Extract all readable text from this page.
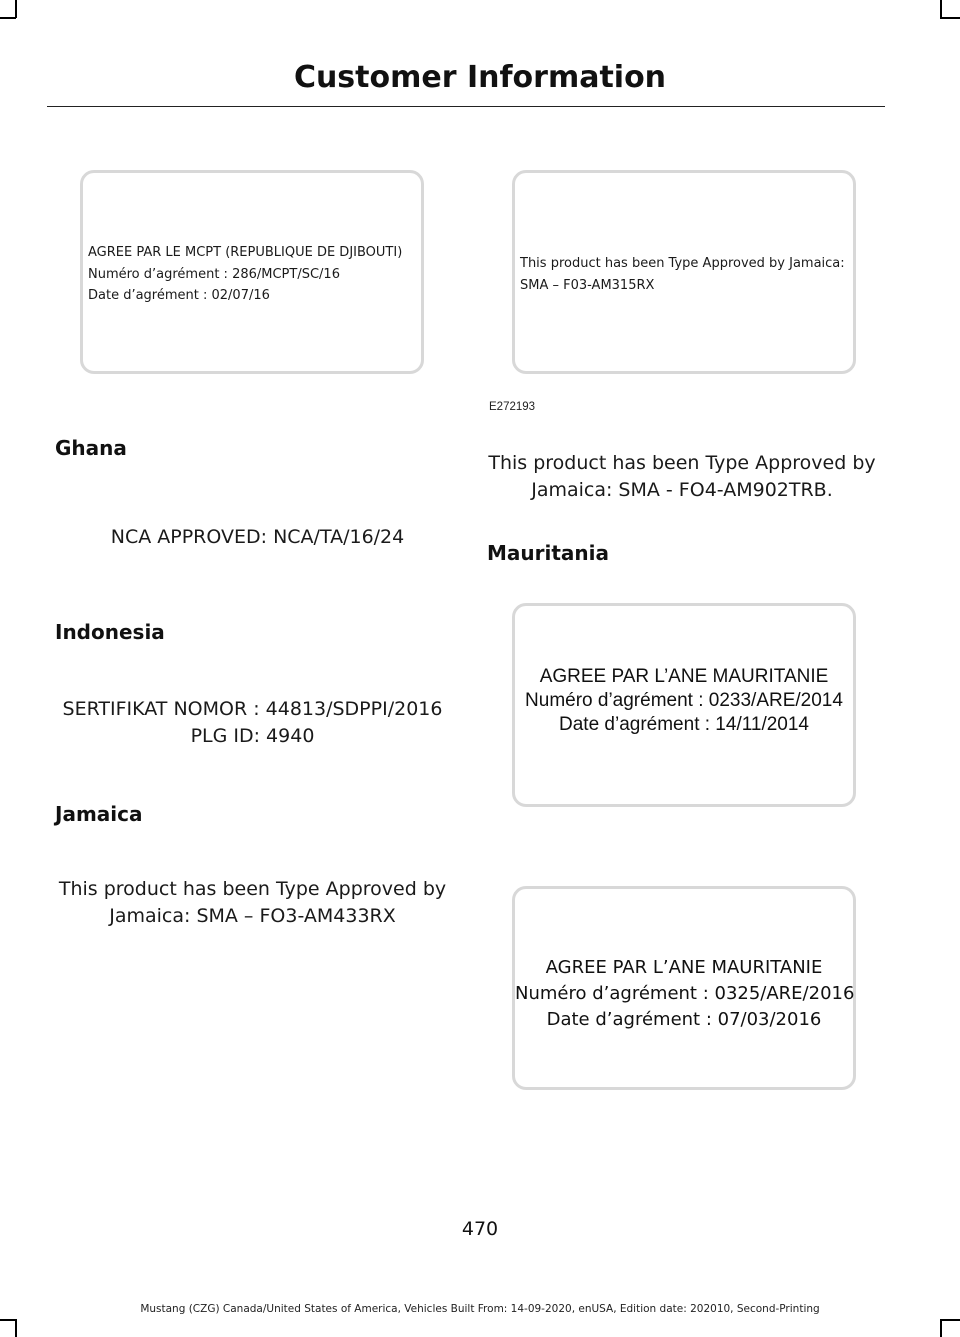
Customer Information
AGREE PAR LE MCPT (REPUBLIQUE DE DJIBOUTI)
Numéro d’agrément : 286/MCPT/SC/16
Date d’agrément : 02/07/16
Ghana
NCA APPROVED: NCA/TA/16/24
Indonesia
SERTIFIKAT NOMOR : 44813/SDPPI/2016
PLG ID: 4940
Jamaica
This product has been Type Approved by
Jamaica: SMA – FO3-AM433RX
This product has been Type Approved by Jamaica:
SMA – F03-AM315RX
E272193
This product has been Type Approved by
Jamaica: SMA - FO4-AM902TRB.
Mauritania
AGREE PAR L’ANE MAURITANIE
Numéro d’agrément : 0233/ARE/2014
Date d’agrément : 14/11/2014
AGREE PAR L’ANE MAURITANIE
Numéro d’agrément : 0325/ARE/2016
Date d’agrément : 07/03/2016
470
Mustang (CZG) Canada/United States of America, Vehicles Built From: 14-09-2020, enUSA, Edition date: 202010, Second-Printing
